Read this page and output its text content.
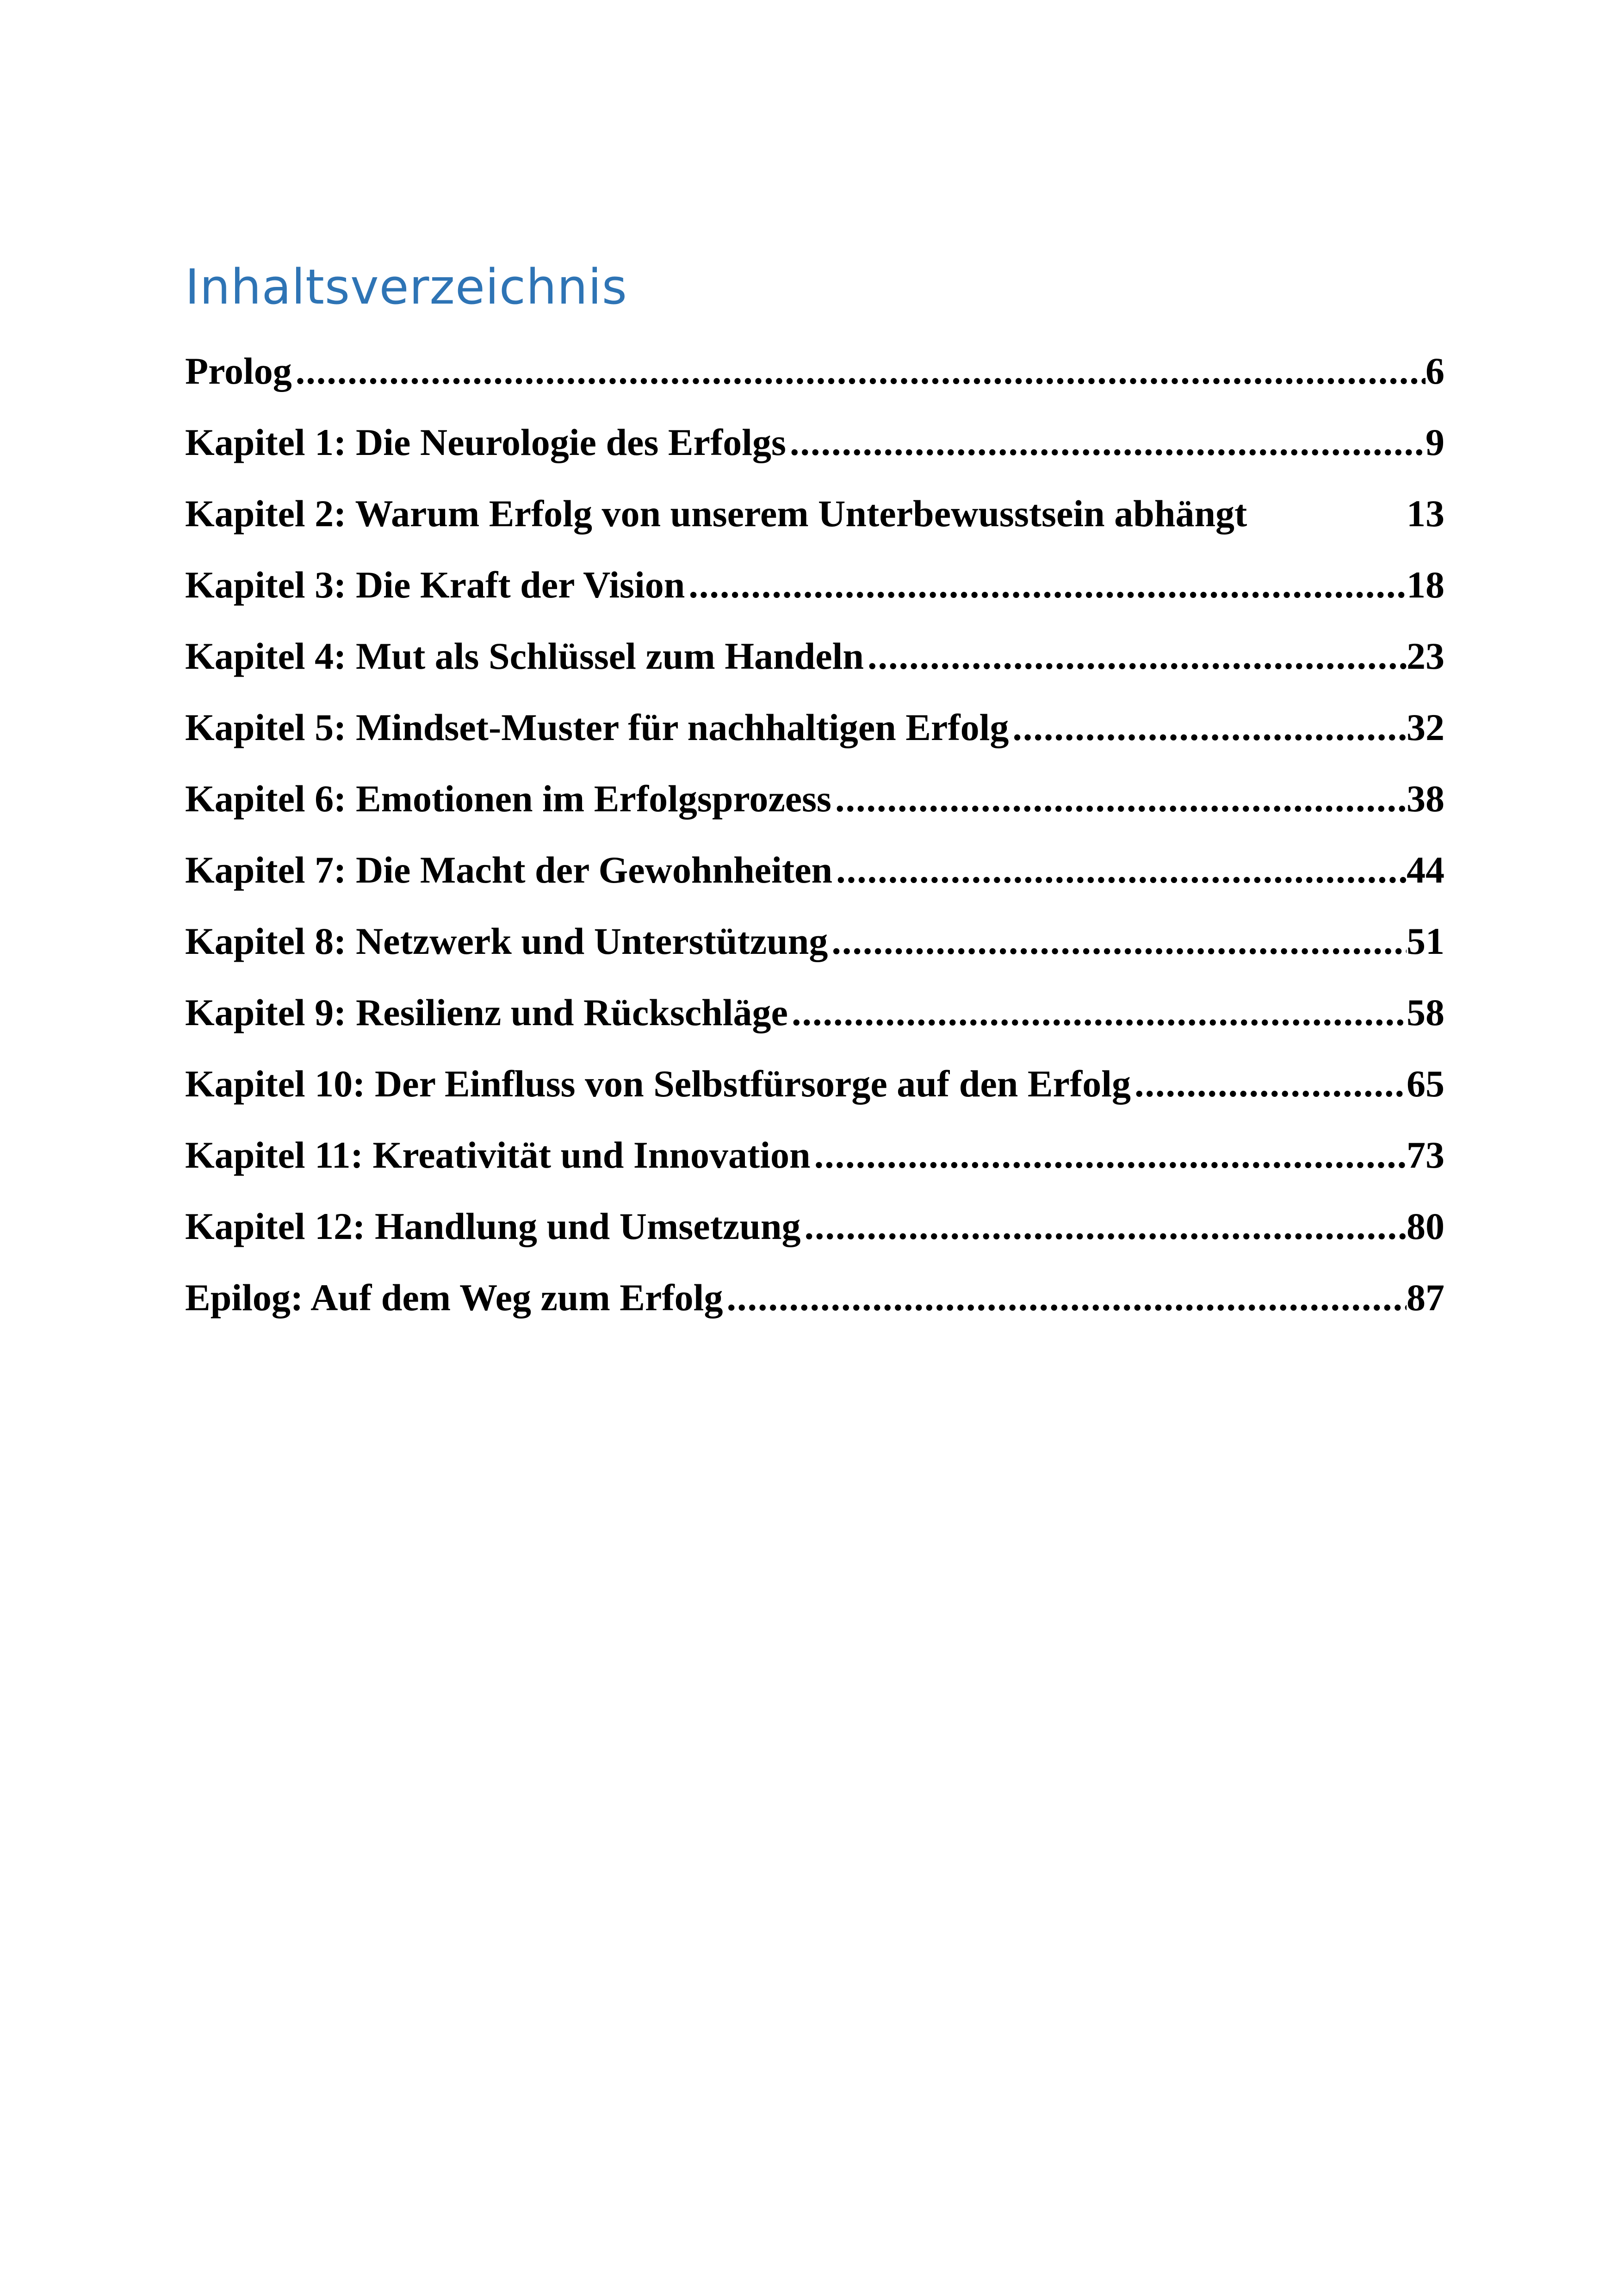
Inhaltsverzeichnis
Prolog .....	6
Kapitel 1: Die Neurologie des Erfolgs .....	9
Kapitel 2: Warum Erfolg von unserem Unterbewusstsein abhängt	13
Kapitel 3: Die Kraft der Vision .....	18
Kapitel 4: Mut als Schlüssel zum Handeln .....	23
Kapitel 5: Mindset-Muster für nachhaltigen Erfolg .....	32
Kapitel 6: Emotionen im Erfolgsprozess .....	38
Kapitel 7: Die Macht der Gewohnheiten .....	44
Kapitel 8: Netzwerk und Unterstützung .....	51
Kapitel 9: Resilienz und Rückschläge .....	58
Kapitel 10: Der Einfluss von Selbstfürsorge auf den Erfolg .....	65
Kapitel 11: Kreativität und Innovation .....	73
Kapitel 12: Handlung und Umsetzung .....	80
Epilog: Auf dem Weg zum Erfolg .....	87
